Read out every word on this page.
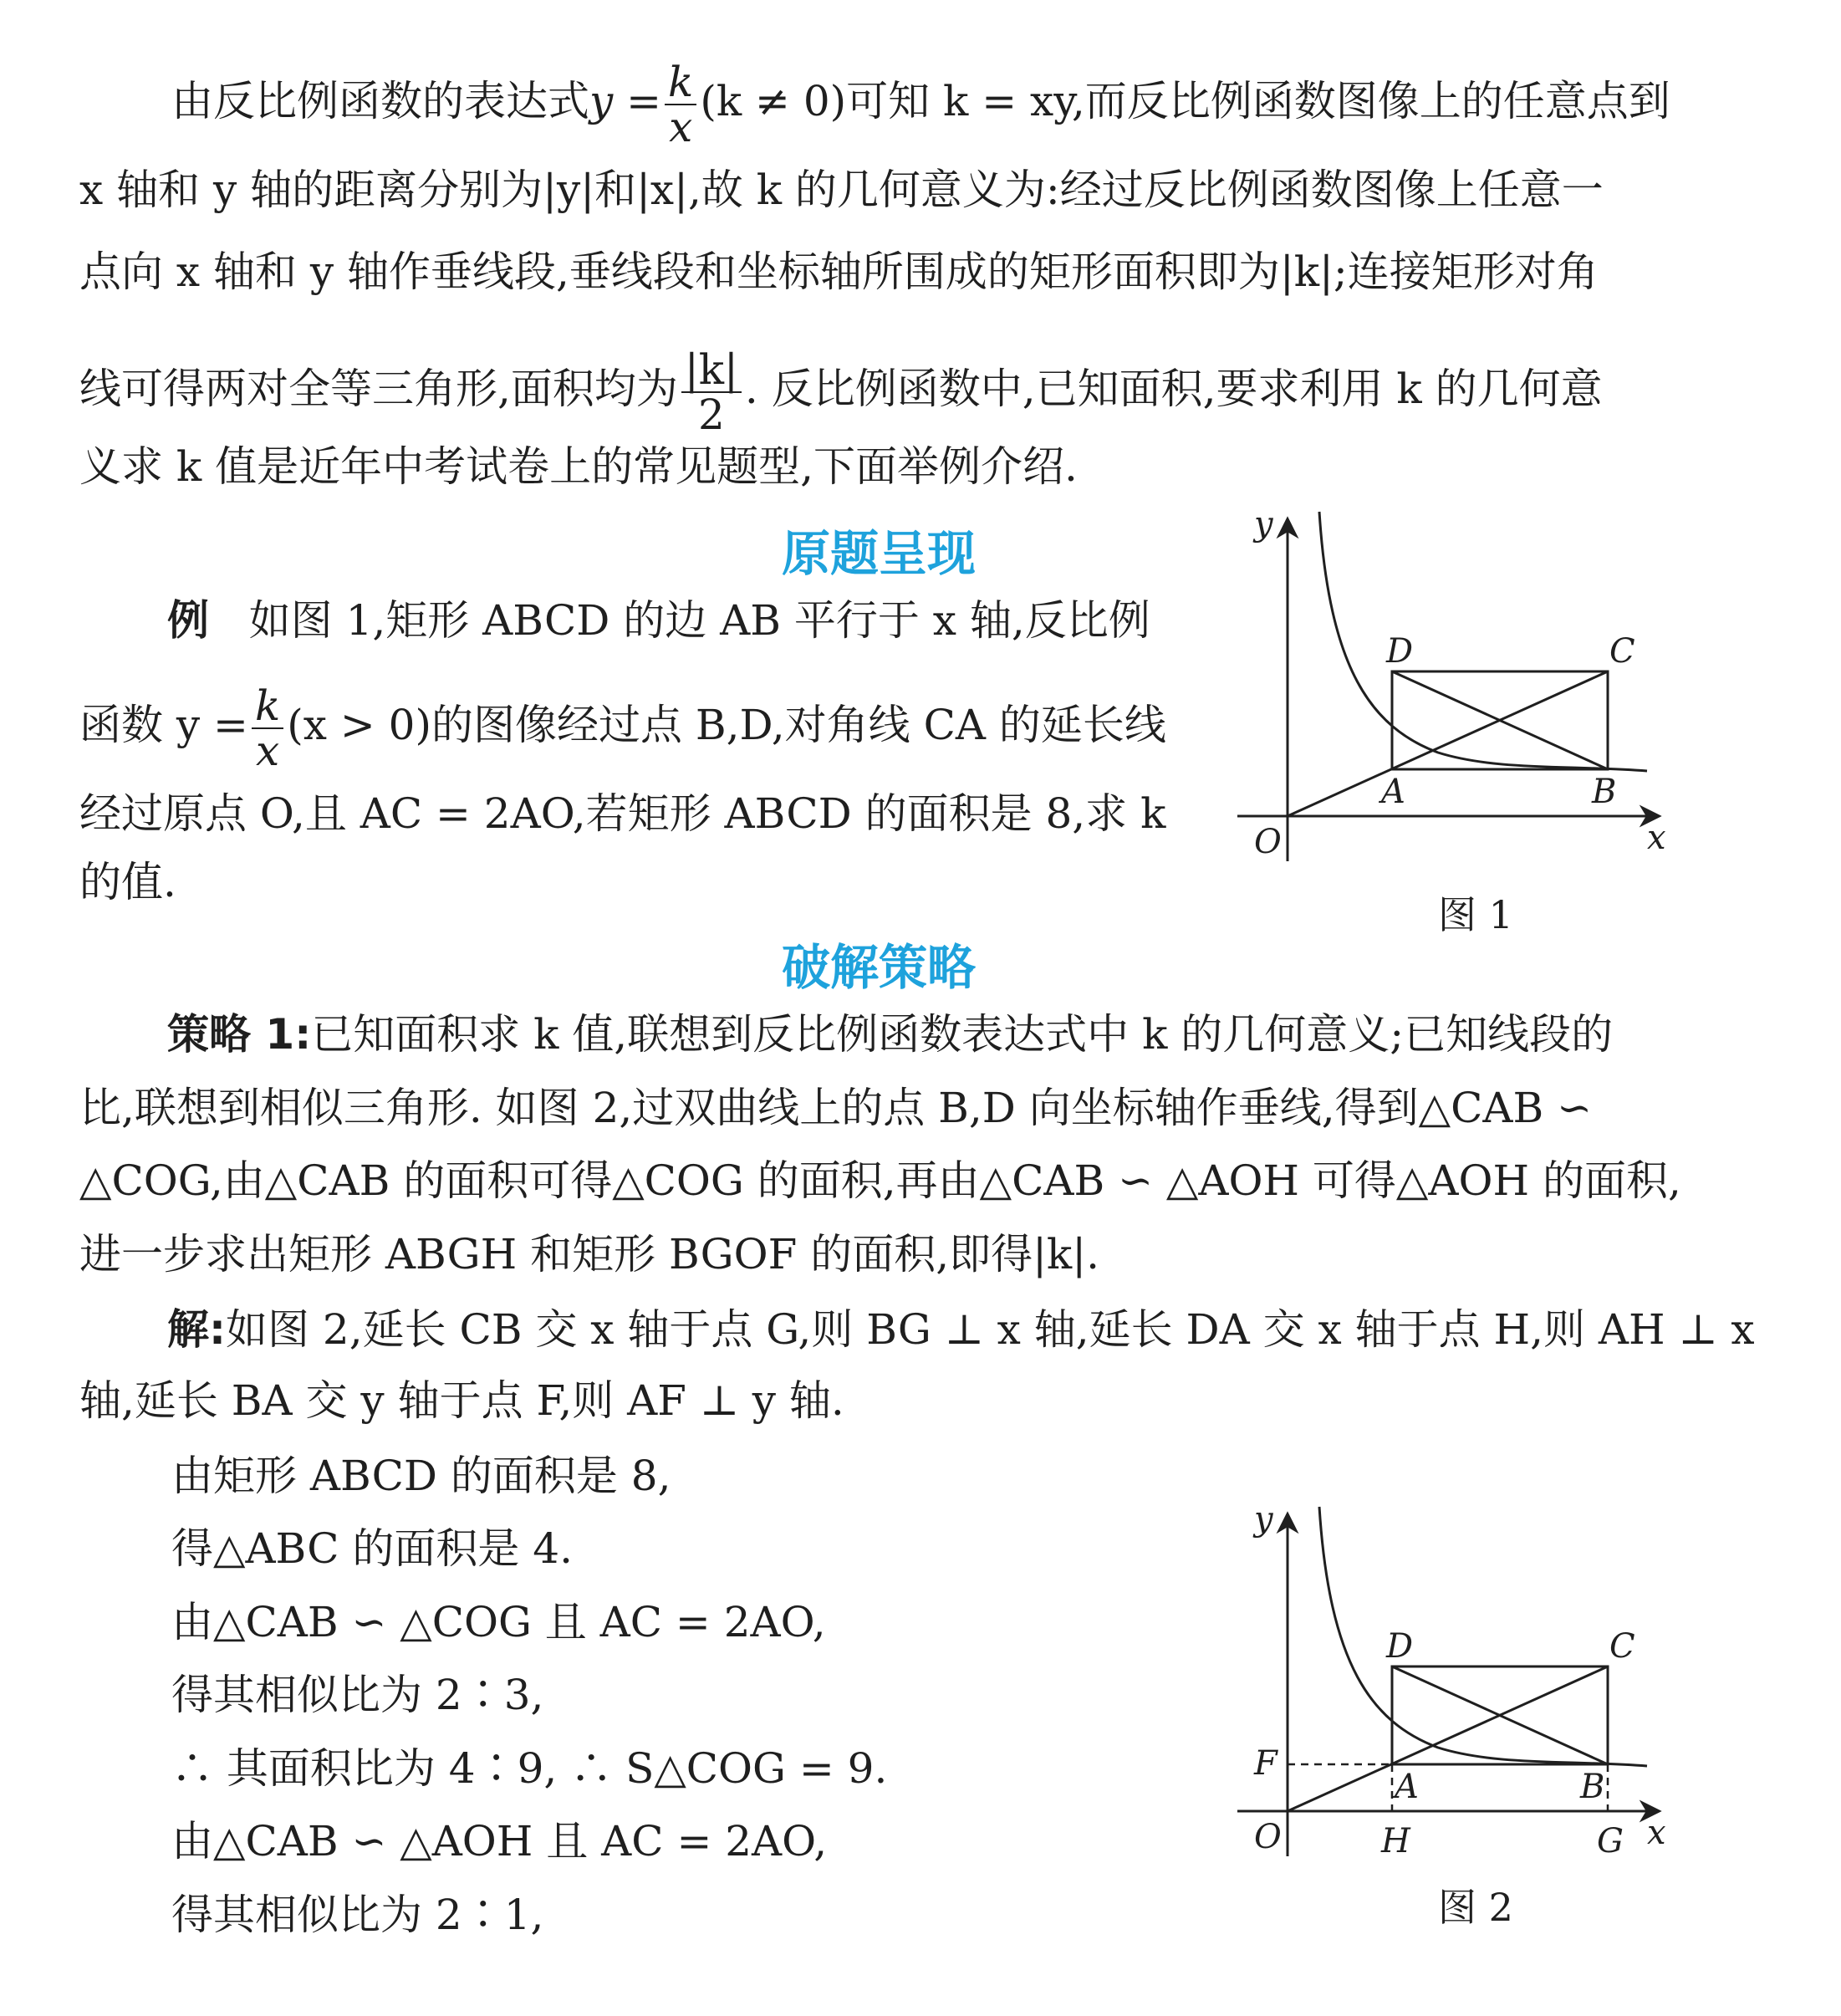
由反比例函数的表达式$y = \frac{k}{x} (k \ne 0)$可知 k = xy,而反比例函数图像上的任意点到
x 轴和 y 轴的距离分别为|y|和|x|,故 k 的几何意义为:经过反比例函数图像上任意一
点向 x 轴和 y 轴作垂线段,垂线段和坐标轴所围成的矩形面积即为|k|;连接矩形对角
线可得两对全等三角形,面积均为 $\frac{|k|}{2}$ . 反比例函数中,已知面积,要求利用 k 的几何意
义求 k 值是近年中考试卷上的常见题型,下面举例介绍.
原题呈现
例 如图 1,矩形 ABCD 的边 AB 平行于 x 轴,反比例
函数 $y = \frac{k}{x} (x > 0)$的图像经过点 B,D,对角线 CA 的延长线
经过原点 O,且 AC = 2AO,若矩形 ABCD 的面积是 8,求 k
的值.
y
x
O
D	C
A	B
图 1
破解策略
策略 1:已知面积求 k 值,联想到反比例函数表达式中 k 的几何意义;已知线段的
比,联想到相似三角形. 如图 2,过双曲线上的点 B,D 向坐标轴作垂线,得到△CAB ∽
△COG,由△CAB 的面积可得△COG 的面积,再由△CAB ∽ △AOH 可得△AOH 的面积,
进一步求出矩形 ABGH 和矩形 BGOF 的面积,即得|k|.
解:如图 2,延长 CB 交 x 轴于点 G,则 BG ⊥ x 轴,延长 DA 交 x 轴于点 H,则 AH ⊥ x
轴,延长 BA 交 y 轴于点 F,则 AF ⊥ y 轴.
由矩形 ABCD 的面积是 8,
得△ABC 的面积是 4.
由△CAB ∽ △COG 且 AC = 2AO,
得其相似比为 2∶3,
∴ 其面积比为 4∶9, ∴ S△COG = 9.
由△CAB ∽ △AOH 且 AC = 2AO,
得其相似比为 2∶1,
y
x
O
D	C
F
A	B
H	G
图 2
